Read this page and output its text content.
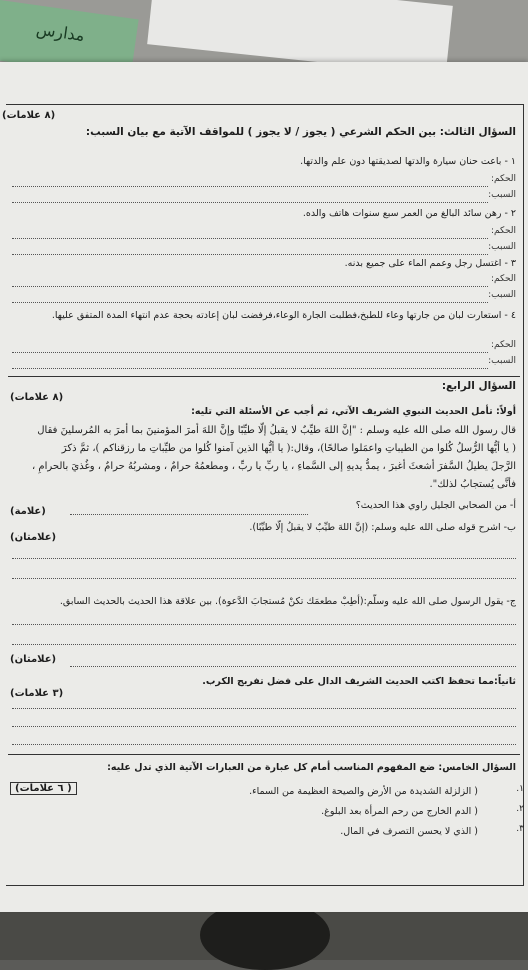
مدارس
(٨ علامات)
السؤال الثالث: بين الحكم الشرعي ( يجوز / لا يجوز ) للمواقف الآتية مع بيان السبب:
١ - باعت حنان سيارة والدتها لصديقتها دون علم والدتها.
الحكم:
السبب:
٢ - رهن سائد البالغ من العمر سبع سنوات هاتف والده.
الحكم:
السبب:
٣ - اغتسل رجل وعمم الماء على جميع بدنه.
الحكم:
السبب:
٤ - استعارت لبان من جارتها وعاء للطبخ،فطلبت الجارة الوعاء،فرفضت لبان إعادته بحجة عدم انتهاء المدة المتفق عليها.
الحكم:
السبب:
السؤال الرابع:
(٨ علامات)
أولاً: تأمل الحديث النبوي الشريف الآتي، ثم أجب عن الأسئلة التي تليه:
قال رسول الله صلى الله عليه وسلم : "إنَّ اللهَ طيِّبٌ لا يقبلُ إلّا طيِّبًا وإنَّ اللهَ أمرَ المؤمنينَ بما أمرَ به المُرسلينَ فقال
( يا أيُّها الرُّسلُ كُلوا من الطيباتِ واعمَلوا صالحًا)، وقال:( يا أيُّها الذين آمنوا كُلوا من طيِّباتِ ما رزقناكم )، ثمَّ ذكرَ
الرَّجلَ يطيلُ السَّفرَ أشعثَ أغبرَ ، يمدُّ يديهِ إلى السَّماءِ ، يا ربِّ يا ربِّ ، ومطعمُهُ حرامٌ ، ومشربُهُ حرامٌ ، وغُذيَ بالحرامِ ،
فأنَّى يُستجابُ لذلك".
أ- من الصحابي الجليل راوي هذا الحديث؟
(علامة)
ب- اشرح قوله صلى الله عليه وسلم: (إنَّ اللهَ طيِّبٌ لا يقبلُ إلّا طيِّبًا).
(علامتان)
ج- يقول الرسول صلى الله عليه وسلّم:(أطِبْ مطعمَك تكنْ مُستجابَ الدَّعوة). بين علاقة هذا الحديث بالحديث السابق.
(علامتان)
ثانياً:مما تحفظ اكتب الحديث الشريف الدال على فضل تفريج الكرب.
(٣ علامات)
السؤال الخامس: ضع المفهوم المناسب أمام كل عبارة من العبارات الآتية الذي تدل عليه:
( ٦ علامات)	١.
( الزلزلة الشديدة من الأرض والصيحة العظيمة من السماء.
٢.
( الدم الخارج من رحم المرأة بعد البلوغ.
٣.
( الذي لا يحسن التصرف في المال.
